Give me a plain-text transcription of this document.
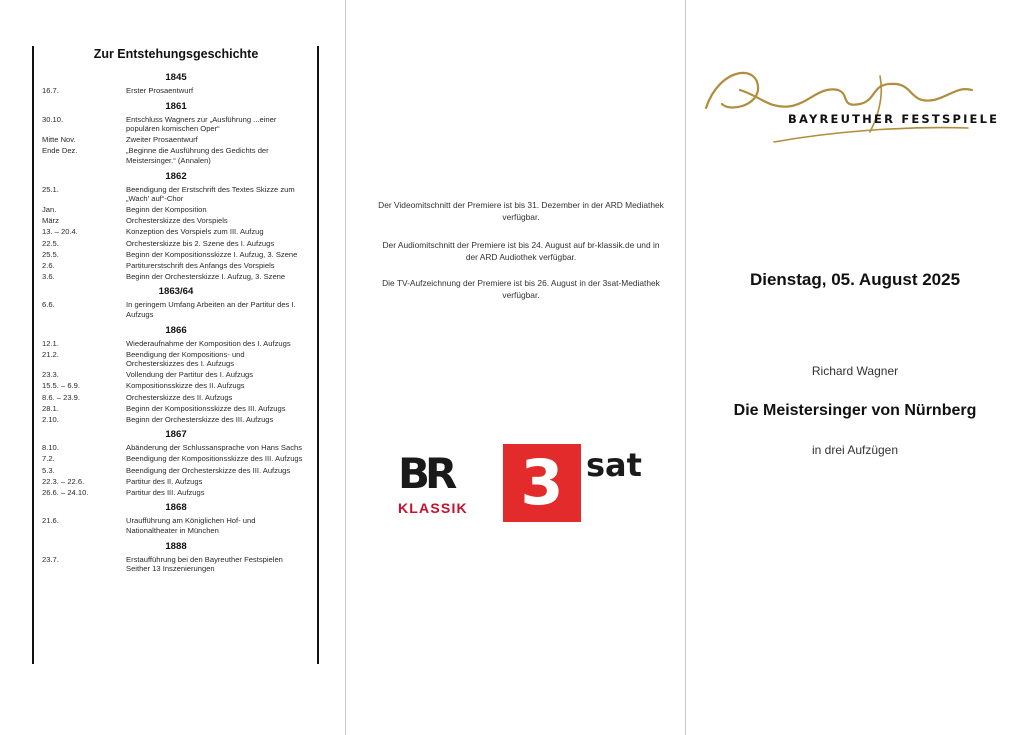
Zur Entstehungsgeschichte
1845
16.7.	Erster Prosaentwurf
1861
30.10.	Entschluss Wagners zur „Ausführung ...einer populären komischen Oper“
Mitte Nov.	Zweiter Prosaentwurf
Ende Dez.	„Beginne die Ausführung des Gedichts der Meistersinger.“ (Annalen)
1862
25.1.	Beendigung der Erstschrift des Textes Skizze zum „Wach' auf“-Chor
Jan.	Beginn der Komposition
März	Orchesterskizze des Vorspiels
13. – 20.4.	Konzeption des Vorspiels zum III. Aufzug
22.5.	Orchesterskizze bis 2. Szene des I. Aufzugs
25.5.	Beginn der Kompositionsskizze I. Aufzug, 3. Szene
2.6.	Partiturerstschrift des Anfangs des Vorspiels
3.6.	Beginn der Orchesterskizze I. Aufzug, 3. Szene
1863/64
6.6.	In geringem Umfang Arbeiten an der Partitur des I. Aufzugs
1866
12.1.	Wiederaufnahme der Komposition des I. Aufzugs
21.2.	Beendigung der Kompositions- und Orchesterskizzes des I. Aufzugs
23.3.	Vollendung der Partitur des I. Aufzugs
15.5. – 6.9.	Kompositionsskizze des II. Aufzugs
8.6. – 23.9.	Orchesterskizze des II. Aufzugs
28.1.	Beginn der Kompositionsskizze des III. Aufzugs
2.10.	Beginn der Orchesterskizze des III. Aufzugs
1867
8.10.	Abänderung der Schlussansprache von Hans Sachs
7.2.	Beendigung der Kompositionsskizze des III. Aufzugs
5.3.	Beendigung der Orchesterskizze des III. Aufzugs
22.3. – 22.6.	Partitur des II. Aufzugs
26.6. – 24.10.	Partitur des III. Aufzugs
1868
21.6.	Uraufführung am Königlichen Hof- und Nationaltheater in München
1888
23.7.	Erstaufführung bei den Bayreuther Festspielen Seither 13 Inszenierungen
Der Videomitschnitt der Premiere ist bis 31. Dezember in der ARD Mediathek verfügbar.
Der Audiomitschnitt der Premiere ist bis 24. August auf br-klassik.de und in der ARD Audiothek verfügbar.
Die TV-Aufzeichnung der Premiere ist bis 26. August in der 3sat-Mediathek verfügbar.
BR
KLASSIK 3 sat
BAYREUTHER FESTSPIELE
Dienstag, 05. August 2025
Richard Wagner
Die Meistersinger von Nürnberg
in drei Aufzügen
